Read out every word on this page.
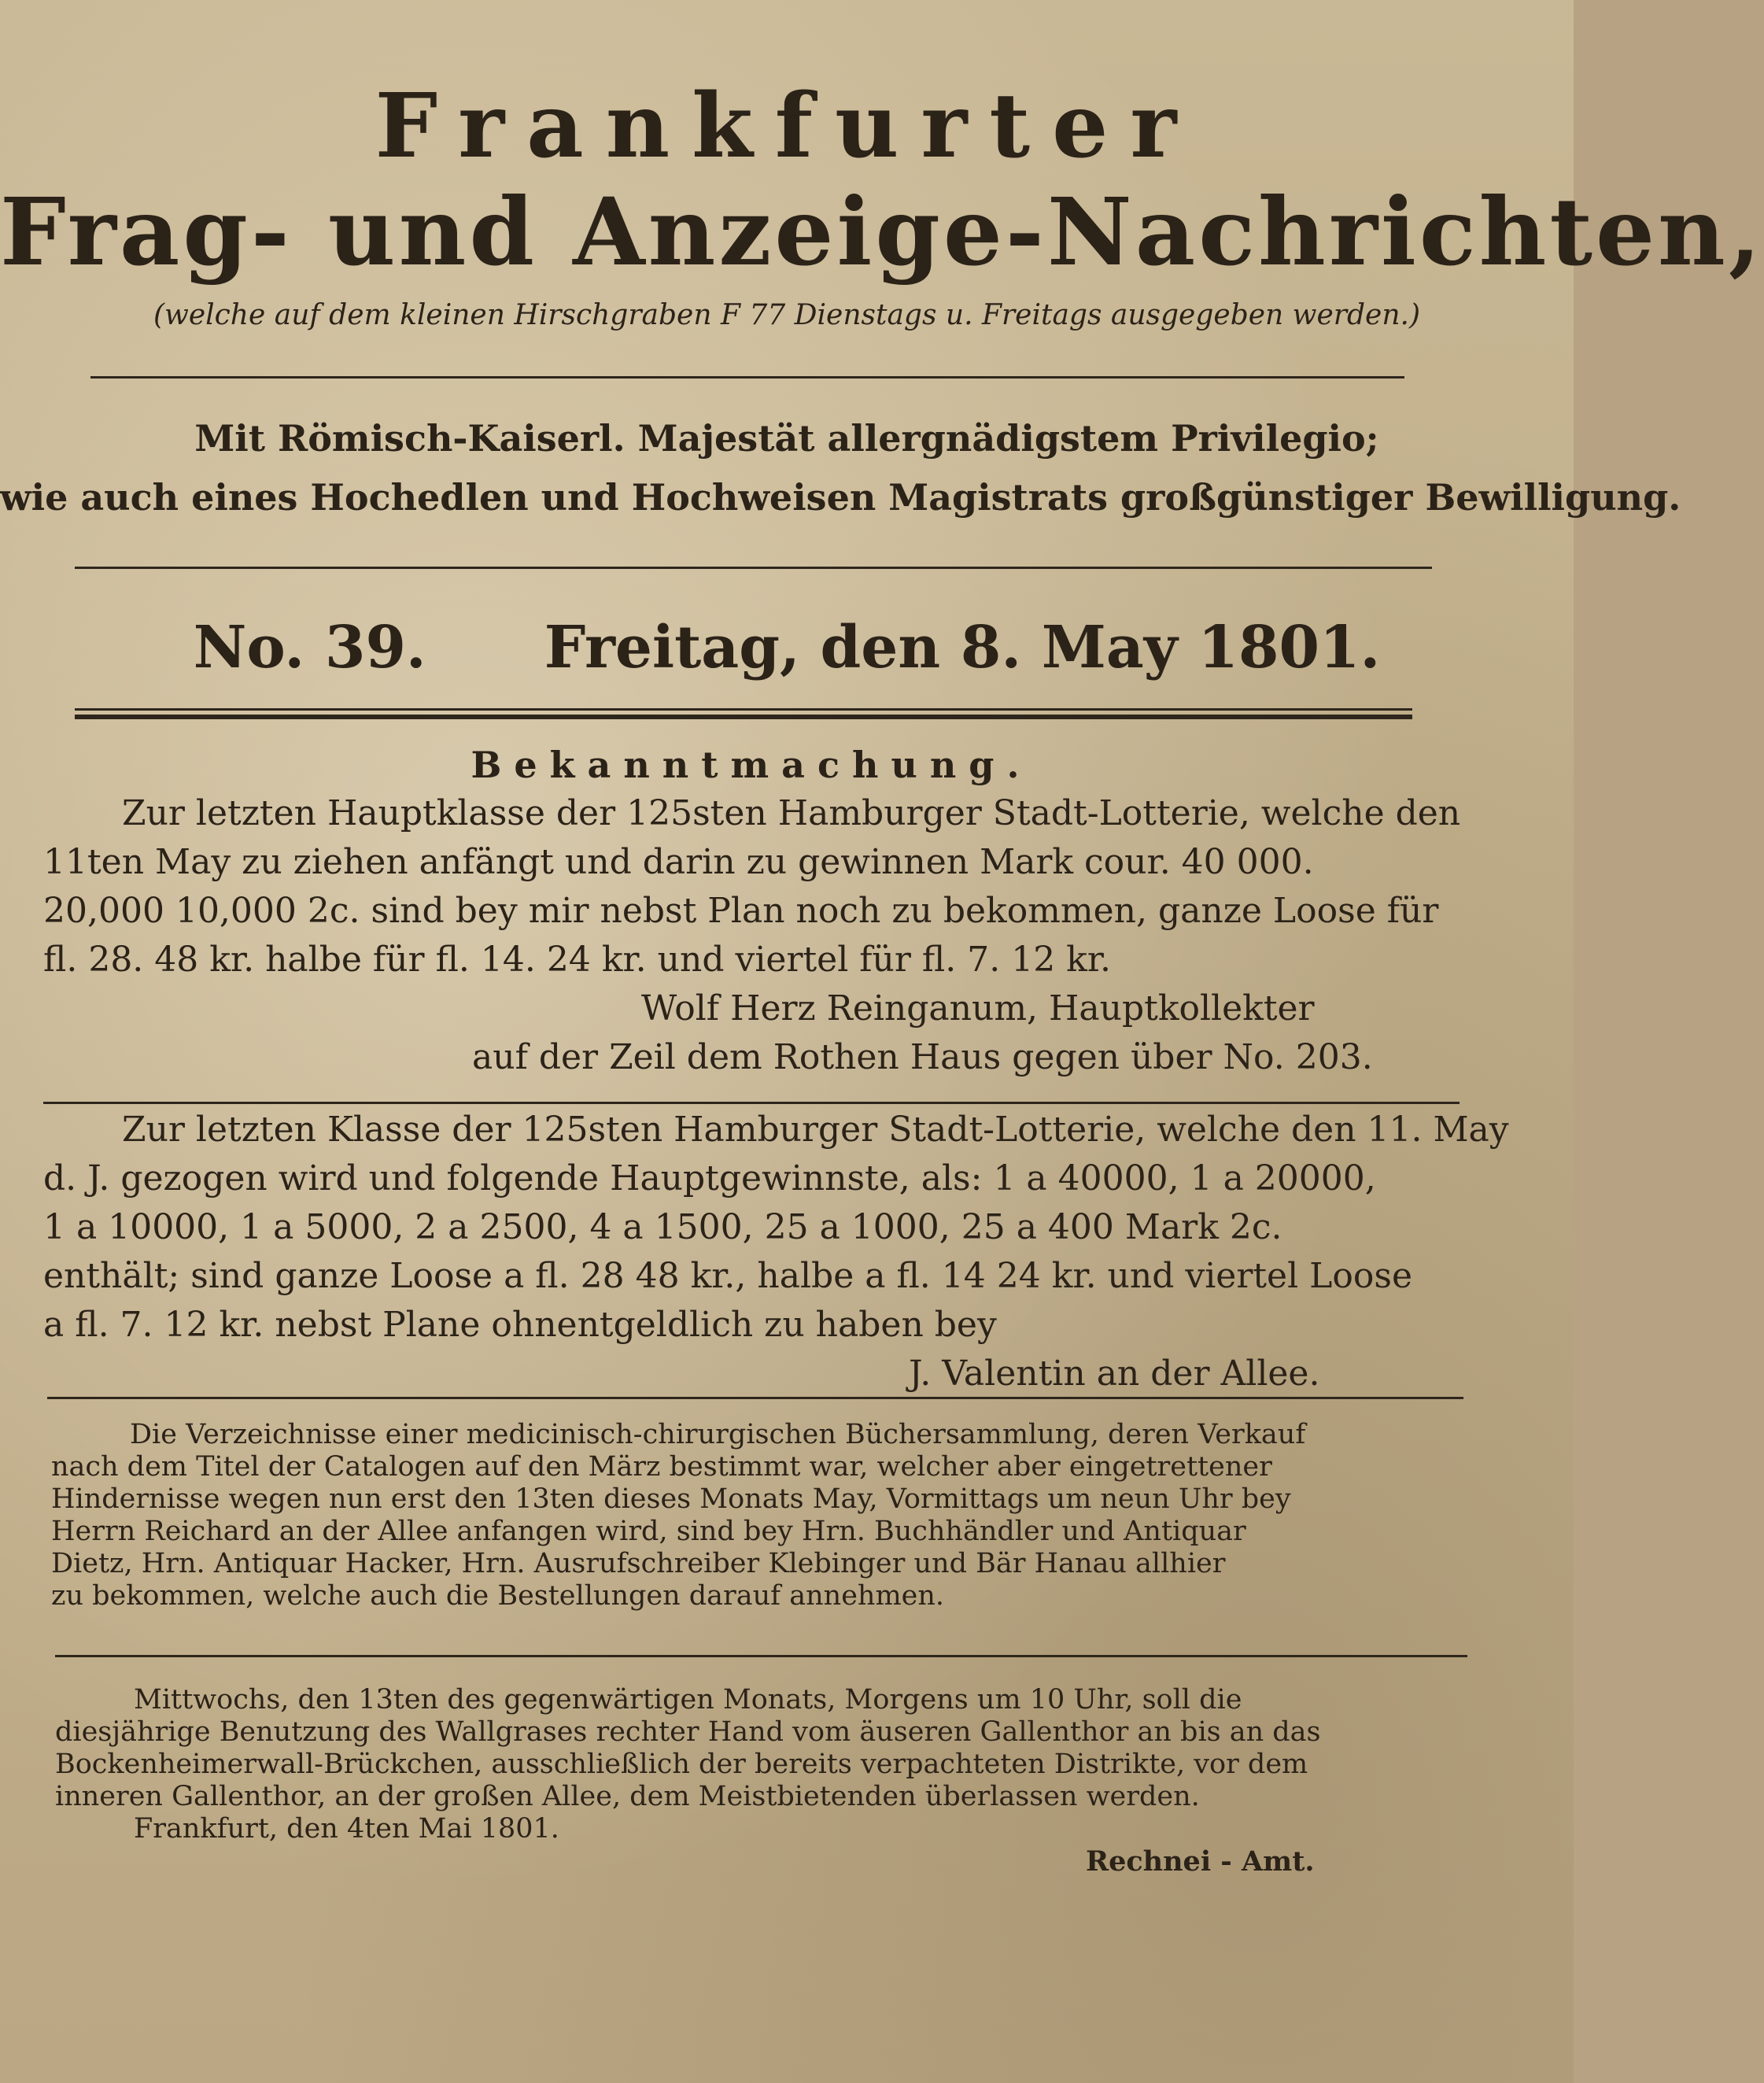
Frankfurter
Frag- und Anzeige-Nachrichten,
(welche auf dem kleinen Hirschgraben F 77 Dienstags u. Freitags ausgegeben werden.)
Mit Römisch-Kaiserl. Majestät allergnädigstem Privilegio;
wie auch eines Hochedlen und Hochweisen Magistrats großgünstiger Bewilligung.
No. 39. Freitag, den 8. May 1801.

Bekanntmachung.

Zur letzten Hauptklasse der 125sten Hamburger Stadt-Lotterie, welche den

11ten May zu ziehen anfängt und darin zu gewinnen Mark cour. 40 000.

20,000 10,000 2c. sind bey mir nebst Plan noch zu bekommen, ganze Loose für

fl. 28. 48 kr. halbe für fl. 14. 24 kr. und viertel für fl. 7. 12 kr.

Wolf Herz Reinganum, Hauptkollekter

auf der Zeil dem Rothen Haus gegen über No. 203.

Zur letzten Klasse der 125sten Hamburger Stadt-Lotterie, welche den 11. May

d. J. gezogen wird und folgende Hauptgewinnste, als: 1 a 40000, 1 a 20000,

1 a 10000, 1 a 5000, 2 a 2500, 4 a 1500, 25 a 1000, 25 a 400 Mark 2c.

enthält; sind ganze Loose a fl. 28 48 kr., halbe a fl. 14 24 kr. und viertel Loose

a fl. 7. 12 kr. nebst Plane ohnentgeldlich zu haben bey

J. Valentin an der Allee.

Die Verzeichnisse einer medicinisch-chirurgischen Büchersammlung, deren Verkauf

nach dem Titel der Catalogen auf den März bestimmt war, welcher aber eingetrettener

Hindernisse wegen nun erst den 13ten dieses Monats May, Vormittags um neun Uhr bey

Herrn Reichard an der Allee anfangen wird, sind bey Hrn. Buchhändler und Antiquar

Dietz, Hrn. Antiquar Hacker, Hrn. Ausrufschreiber Klebinger und Bär Hanau allhier

zu bekommen, welche auch die Bestellungen darauf annehmen.

Mittwochs, den 13ten des gegenwärtigen Monats, Morgens um 10 Uhr, soll die

diesjährige Benutzung des Wallgrases rechter Hand vom äuseren Gallenthor an bis an das

Bockenheimerwall-Brückchen, ausschließlich der bereits verpachteten Distrikte, vor dem

inneren Gallenthor, an der großen Allee, dem Meistbietenden überlassen werden.

Frankfurt, den 4ten Mai 1801.

Rechnei - Amt.
